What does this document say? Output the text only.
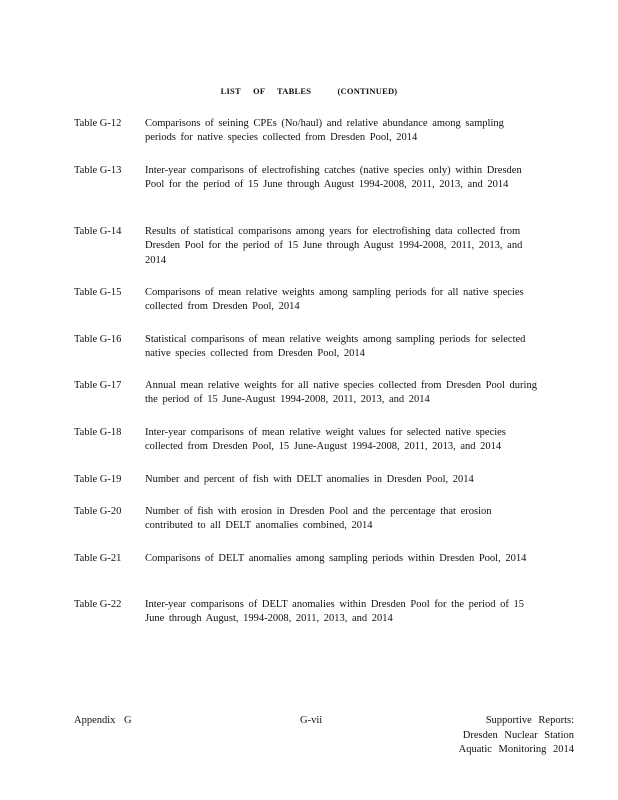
LIST OF TABLES	(CONTINUED)
Table G-12	Comparisons of seining CPEs (No/haul) and relative abundance among sampling periods for native species collected from Dresden Pool, 2014
Table G-13	Inter-year comparisons of electrofishing catches (native species only) within Dresden Pool for the period of 15 June through August 1994-2008, 2011, 2013, and 2014
Table G-14	Results of statistical comparisons among years for electrofishing data collected from Dresden Pool for the period of 15 June through August 1994-2008, 2011, 2013, and 2014
Table G-15	Comparisons of mean relative weights among sampling periods for all native species collected from Dresden Pool, 2014
Table G-16	Statistical comparisons of mean relative weights among sampling periods for selected native species collected from Dresden Pool, 2014
Table G-17	Annual mean relative weights for all native species collected from Dresden Pool during the period of 15 June-August 1994-2008, 2011, 2013, and 2014
Table G-18	Inter-year comparisons of mean relative weight values for selected native species collected from Dresden Pool, 15 June-August 1994-2008, 2011, 2013, and 2014
Table G-19	Number and percent of fish with DELT anomalies in Dresden Pool, 2014
Table G-20	Number of fish with erosion in Dresden Pool and the percentage that erosion contributed to all DELT anomalies combined, 2014
Table G-21	Comparisons of DELT anomalies among sampling periods within Dresden Pool, 2014
Table G-22	Inter-year comparisons of DELT anomalies within Dresden Pool for the period of 15 June through August, 1994-2008, 2011, 2013, and 2014
Appendix G	G-vii	Supportive Reports:
Dresden Nuclear Station
Aquatic Monitoring 2014
